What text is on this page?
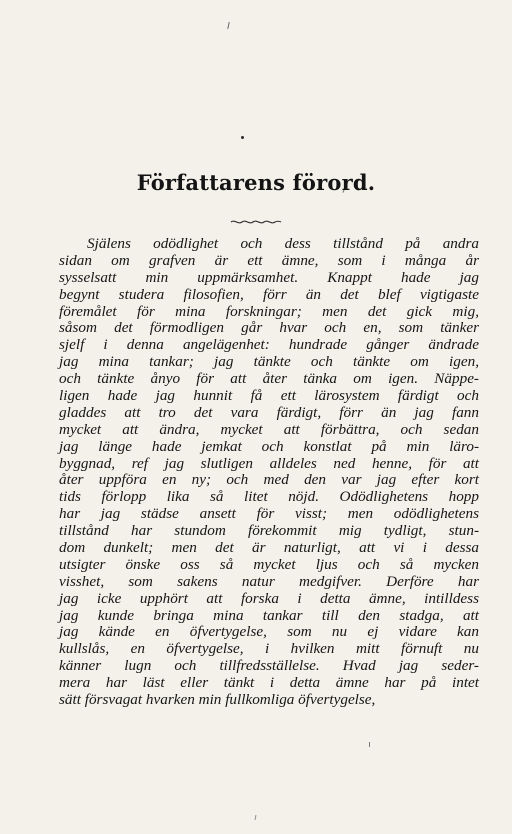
Författarens förord.
Själens odödlighet och dess tillstånd på andra
sidan om grafven är ett ämne, som i många år
sysselsatt min uppmärksamhet. Knappt hade jag
begynt studera filosofien, förr än det blef vigtigaste
föremålet för mina forskningar; men det gick mig,
såsom det förmodligen går hvar och en, som tänker
sjelf i denna angelägenhet: hundrade gånger ändrade
jag mina tankar; jag tänkte och tänkte om igen,
och tänkte ånyo för att åter tänka om igen. Näppe-
ligen hade jag hunnit få ett lärosystem färdigt och
gladdes att tro det vara färdigt, förr än jag fann
mycket att ändra, mycket att förbättra, och sedan
jag länge hade jemkat och konstlat på min läro-
byggnad, ref jag slutligen alldeles ned henne, för att
åter uppföra en ny; och med den var jag efter kort
tids förlopp lika så litet nöjd. Odödlighetens hopp
har jag städse ansett för visst; men odödlighetens
tillstånd har stundom förekommit mig tydligt, stun-
dom dunkelt; men det är naturligt, att vi i dessa
utsigter önske oss så mycket ljus och så mycken
visshet, som sakens natur medgifver. Derföre har
jag icke upphört att forska i detta ämne, intilldess
jag kunde bringa mina tankar till den stadga, att
jag kände en öfvertygelse, som nu ej vidare kan
kullslås, en öfvertygelse, i hvilken mitt förnuft nu
känner lugn och tillfredsställelse. Hvad jag seder-
mera har läst eller tänkt i detta ämne har på intet
sätt försvagat hvarken min fullkomliga öfvertygelse,
